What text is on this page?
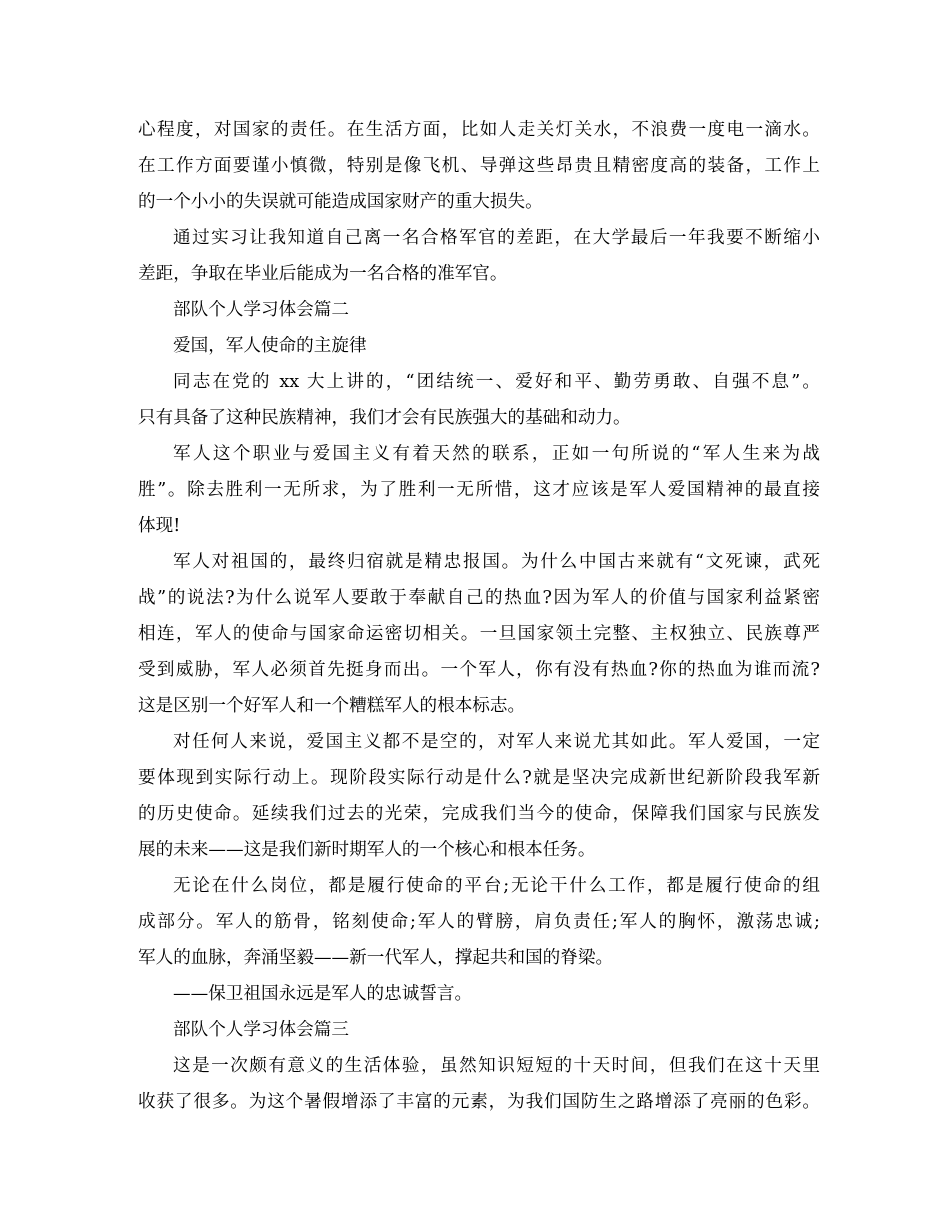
心程度，对国家的责任。在生活方面，比如人走关灯关水，不浪费一度电一滴水。
在工作方面要谨小慎微，特别是像飞机、导弹这些昂贵且精密度高的装备，工作上
的一个小小的失误就可能造成国家财产的重大损失。
通过实习让我知道自己离一名合格军官的差距，在大学最后一年我要不断缩小
差距，争取在毕业后能成为一名合格的准军官。
部队个人学习体会篇二
爱国，军人使命的主旋律
同志在党的 xx 大上讲的，“团结统一、爱好和平、勤劳勇敢、自强不息”。
只有具备了这种民族精神，我们才会有民族强大的基础和动力。
军人这个职业与爱国主义有着天然的联系，正如一句所说的“军人生来为战
胜”。除去胜利一无所求，为了胜利一无所惜，这才应该是军人爱国精神的最直接
体现!
军人对祖国的，最终归宿就是精忠报国。为什么中国古来就有“文死谏，武死
战”的说法?为什么说军人要敢于奉献自己的热血?因为军人的价值与国家利益紧密
相连，军人的使命与国家命运密切相关。一旦国家领土完整、主权独立、民族尊严
受到威胁，军人必须首先挺身而出。一个军人，你有没有热血?你的热血为谁而流?
这是区别一个好军人和一个糟糕军人的根本标志。
对任何人来说，爱国主义都不是空的，对军人来说尤其如此。军人爱国，一定
要体现到实际行动上。现阶段实际行动是什么?就是坚决完成新世纪新阶段我军新
的历史使命。延续我们过去的光荣，完成我们当今的使命，保障我们国家与民族发
展的未来——这是我们新时期军人的一个核心和根本任务。
无论在什么岗位，都是履行使命的平台;无论干什么工作，都是履行使命的组
成部分。军人的筋骨，铭刻使命;军人的臂膀，肩负责任;军人的胸怀，激荡忠诚;
军人的血脉，奔涌坚毅——新一代军人，撑起共和国的脊梁。
——保卫祖国永远是军人的忠诚誓言。
部队个人学习体会篇三
这是一次颇有意义的生活体验，虽然知识短短的十天时间，但我们在这十天里
收获了很多。为这个暑假增添了丰富的元素，为我们国防生之路增添了亮丽的色彩。
